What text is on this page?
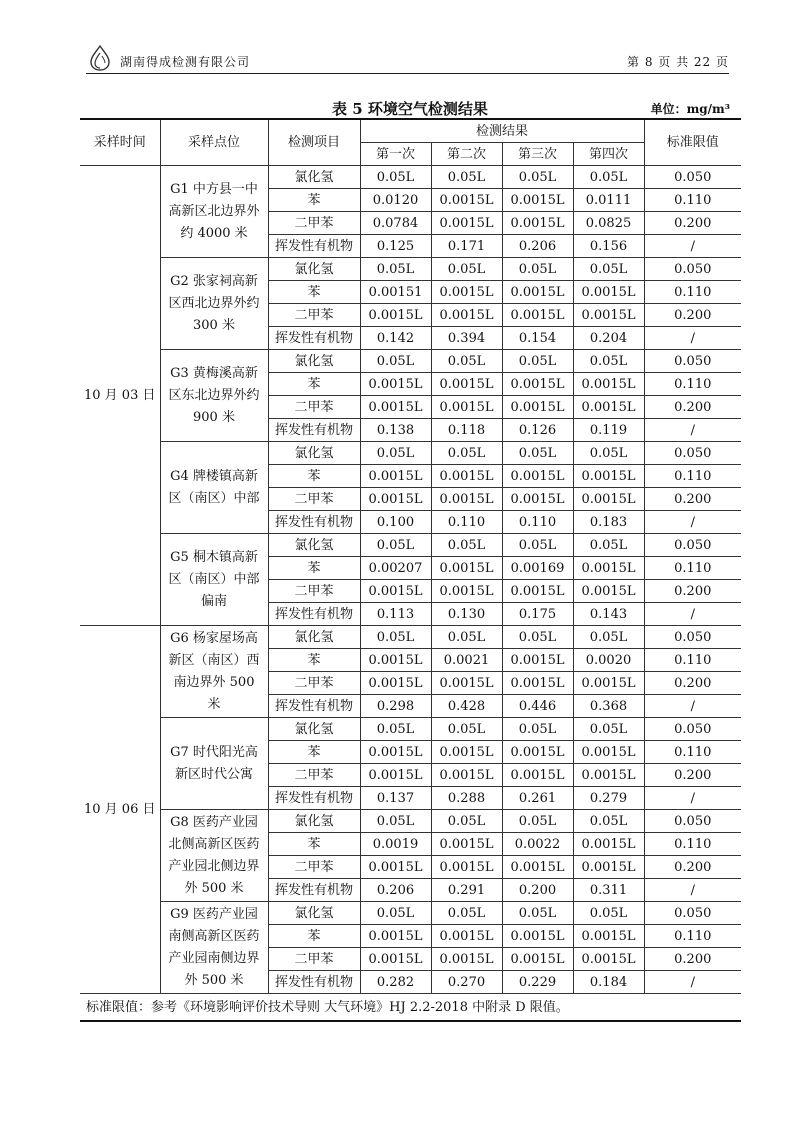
湖南得成检测有限公司	第 8 页 共 22 页
表 5 环境空气检测结果	单位：mg/m³
采样时间	采样点位	检测项目	检测结果				标准限值
			第一次	第二次	第三次	第四次	
10 月 03 日	G1 中方县一中高新区北边界外约 4000 米	氯化氢	0.05L	0.05L	0.05L	0.05L	0.050
		苯	0.0120	0.0015L	0.0015L	0.0111	0.110
		二甲苯	0.0784	0.0015L	0.0015L	0.0825	0.200
		挥发性有机物	0.125	0.171	0.206	0.156	/
	G2 张家祠高新区西北边界外约 300 米	氯化氢	0.05L	0.05L	0.05L	0.05L	0.050
		苯	0.00151	0.0015L	0.0015L	0.0015L	0.110
		二甲苯	0.0015L	0.0015L	0.0015L	0.0015L	0.200
		挥发性有机物	0.142	0.394	0.154	0.204	/
	G3 黄梅溪高新区东北边界外约 900 米	氯化氢	0.05L	0.05L	0.05L	0.05L	0.050
		苯	0.0015L	0.0015L	0.0015L	0.0015L	0.110
		二甲苯	0.0015L	0.0015L	0.0015L	0.0015L	0.200
		挥发性有机物	0.138	0.118	0.126	0.119	/
	G4 牌楼镇高新区（南区）中部	氯化氢	0.05L	0.05L	0.05L	0.05L	0.050
		苯	0.0015L	0.0015L	0.0015L	0.0015L	0.110
		二甲苯	0.0015L	0.0015L	0.0015L	0.0015L	0.200
		挥发性有机物	0.100	0.110	0.110	0.183	/
	G5 桐木镇高新区（南区）中部偏南	氯化氢	0.05L	0.05L	0.05L	0.05L	0.050
		苯	0.00207	0.0015L	0.00169	0.0015L	0.110
		二甲苯	0.0015L	0.0015L	0.0015L	0.0015L	0.200
		挥发性有机物	0.113	0.130	0.175	0.143	/
10 月 06 日	G6 杨家屋场高新区（南区）西南边界外 500 米	氯化氢	0.05L	0.05L	0.05L	0.05L	0.050
		苯	0.0015L	0.0021	0.0015L	0.0020	0.110
		二甲苯	0.0015L	0.0015L	0.0015L	0.0015L	0.200
		挥发性有机物	0.298	0.428	0.446	0.368	/
	G7 时代阳光高新区时代公寓	氯化氢	0.05L	0.05L	0.05L	0.05L	0.050
		苯	0.0015L	0.0015L	0.0015L	0.0015L	0.110
		二甲苯	0.0015L	0.0015L	0.0015L	0.0015L	0.200
		挥发性有机物	0.137	0.288	0.261	0.279	/
	G8 医药产业园北侧高新区医药产业园北侧边界外 500 米	氯化氢	0.05L	0.05L	0.05L	0.05L	0.050
		苯	0.0019	0.0015L	0.0022	0.0015L	0.110
		二甲苯	0.0015L	0.0015L	0.0015L	0.0015L	0.200
		挥发性有机物	0.206	0.291	0.200	0.311	/
	G9 医药产业园南侧高新区医药产业园南侧边界外 500 米	氯化氢	0.05L	0.05L	0.05L	0.05L	0.050
		苯	0.0015L	0.0015L	0.0015L	0.0015L	0.110
		二甲苯	0.0015L	0.0015L	0.0015L	0.0015L	0.200
		挥发性有机物	0.282	0.270	0.229	0.184	/
标准限值：参考《环境影响评价技术导则 大气环境》HJ 2.2-2018 中附录 D 限值。							
